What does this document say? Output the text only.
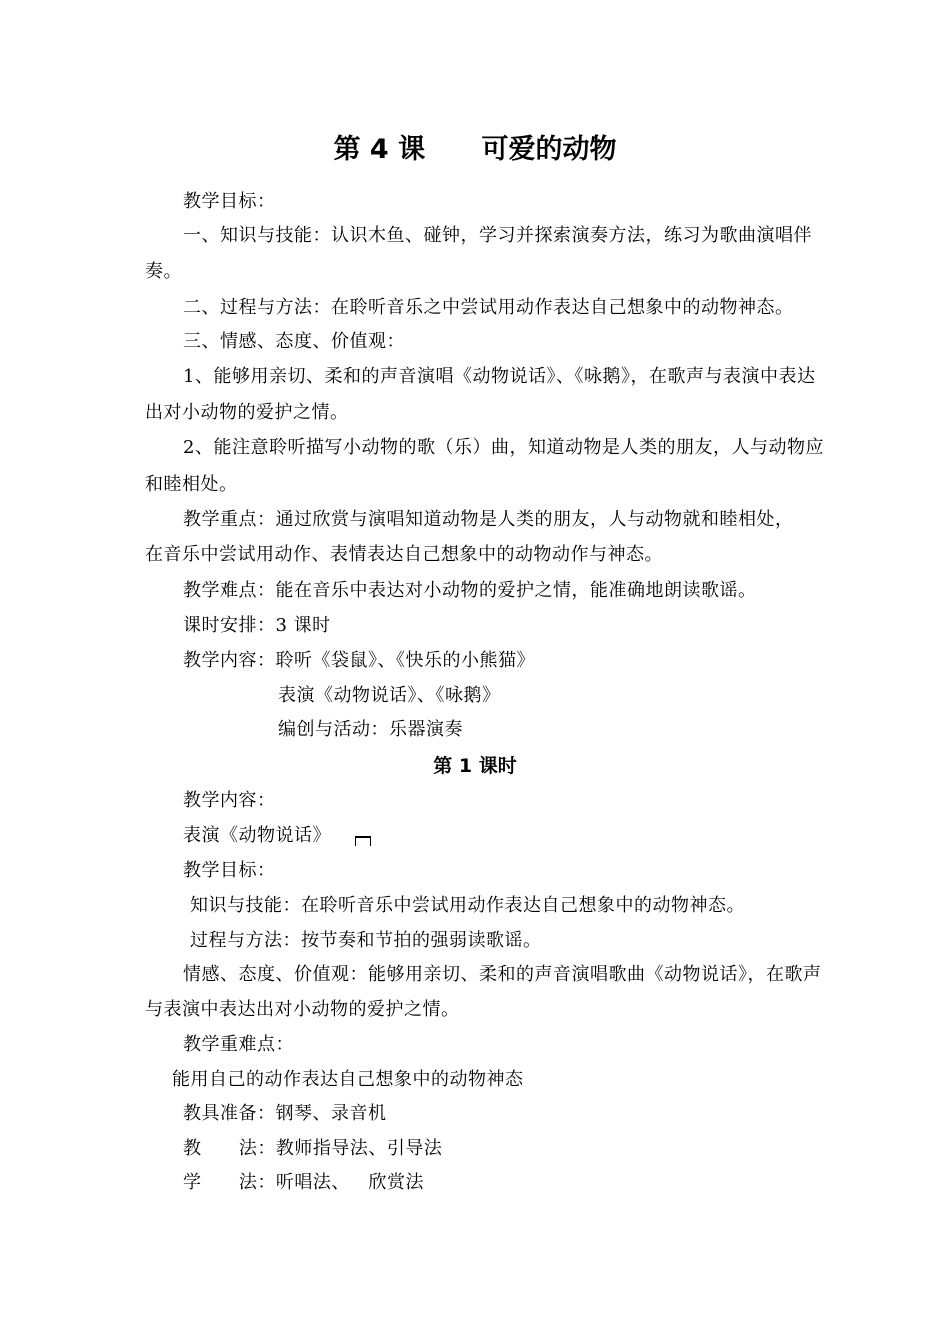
第 4 课      可爱的动物
教学目标：
一、知识与技能：认识木鱼、碰钟，学习并探索演奏方法，练习为歌曲演唱伴
奏。
二、过程与方法：在聆听音乐之中尝试用动作表达自己想象中的动物神态。
三、情感、态度、价值观：
1、能够用亲切、柔和的声音演唱《动物说话》、《咏鹅》，在歌声与表演中表达
出对小动物的爱护之情。
2、能注意聆听描写小动物的歌（乐）曲，知道动物是人类的朋友，人与动物应
和睦相处。
教学重点：通过欣赏与演唱知道动物是人类的朋友，人与动物就和睦相处，
在音乐中尝试用动作、表情表达自己想象中的动物动作与神态。
教学难点：能在音乐中表达对小动物的爱护之情，能准确地朗读歌谣。
课时安排：3 课时
教学内容：聆听《袋鼠》、《快乐的小熊猫》
表演《动物说话》、《咏鹅》
编创与活动：乐器演奏
第 1 课时
教学内容：
表演《动物说话》
教学目标：
知识与技能：在聆听音乐中尝试用动作表达自己想象中的动物神态。
过程与方法：按节奏和节拍的强弱读歌谣。
情感、态度、价值观：能够用亲切、柔和的声音演唱歌曲《动物说话》，在歌声
与表演中表达出对小动物的爱护之情。
教学重难点：
能用自己的动作表达自己想象中的动物神态
教具准备：钢琴、录音机
教      法：教师指导法、引导法
学      法：听唱法、   欣赏法
